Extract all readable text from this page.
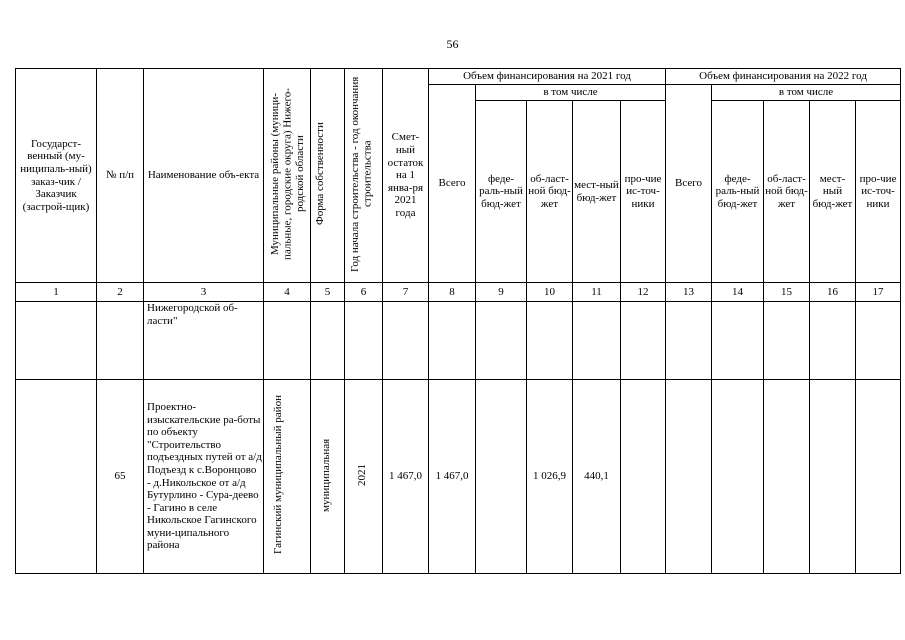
56
Государст-венный (му-ниципаль-ный) заказ-чик / Заказчик (застрой-щик)	№ п/п	Наименование объ-екта	Муниципальные районы (муници-пальные, городские округа) Нижего-родской области	Форма собственности	Год начала строительства - год окончания строительства	Смет-ный остаток на 1 янва-ря 2021 года	Объем финансирования на 2021 год					Объем финансирования на 2022 год				
							Всего	в том числе				Всего	в том числе			
								феде-раль-ный бюд-жет	об-ласт-ной бюд-жет	мест-ный бюд-жет	про-чие ис-точ-ники		феде-раль-ный бюд-жет	об-ласт-ной бюд-жет	мест-ный бюд-жет	про-чие ис-точ-ники
1	2	3	4	5	6	7	8	9	10	11	12	13	14	15	16	17
		Нижегородской об-ласти"														
	65	Проектно-изыскательские ра-боты по объекту "Строительство подъездных путей от а/д Подъезд к с.Воронцово - д.Никольское от а/д Бутурлино - Сура-деево - Гагино в селе Никольское Гагинского муни-ципального района	Гагинский муниципальный район	муниципальная	2021	1 467,0	1 467,0		1 026,9	440,1						
